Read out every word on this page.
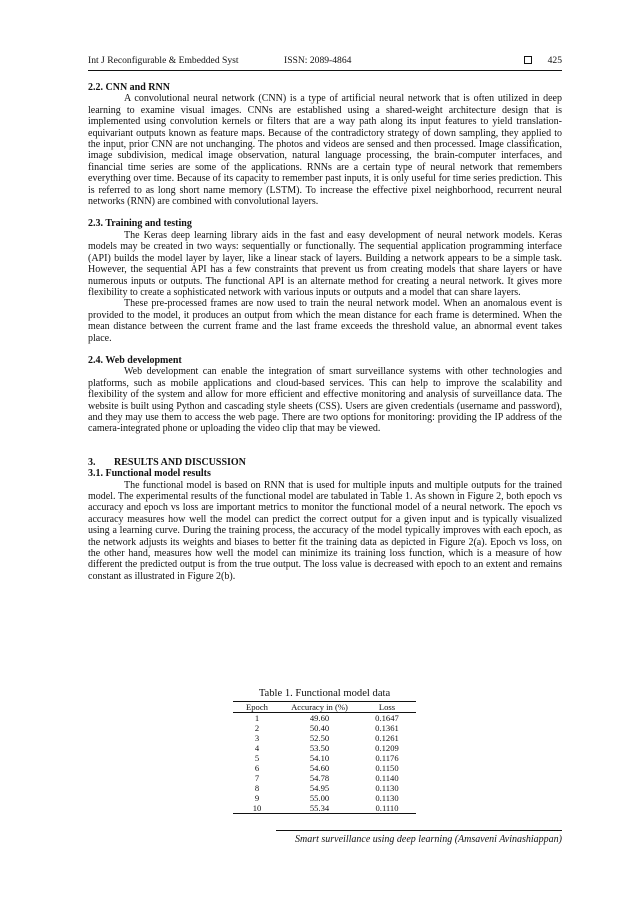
Int J Reconfigurable & Embedded Syst	ISSN: 2089-4864	425

2.2. CNN and RNN

A convolutional neural network (CNN) is a type of artificial neural network that is often utilized in deep learning to examine visual images. CNNs are established using a shared-weight architecture design that is implemented using convolution kernels or filters that are a way path along its input features to yield translation-equivariant outputs known as feature maps. Because of the contradictory strategy of down sampling, they applied to the input, prior CNN are not unchanging. The photos and videos are sensed and then processed. Image classification, image subdivision, medical image observation, natural language processing, the brain-computer interfaces, and financial time series are some of the applications. RNNs are a certain type of neural network that remembers everything over time. Because of its capacity to remember past inputs, it is only useful for time series prediction. This is referred to as long short name memory (LSTM). To increase the effective pixel neighborhood, recurrent neural networks (RNN) are combined with convolutional layers.

2.3. Training and testing

The Keras deep learning library aids in the fast and easy development of neural network models. Keras models may be created in two ways: sequentially or functionally. The sequential application programming interface (API) builds the model layer by layer, like a linear stack of layers. Building a network appears to be a simple task. However, the sequential API has a few constraints that prevent us from creating models that share layers or have numerous inputs or outputs. The functional API is an alternate method for creating a neural network. It gives more flexibility to create a sophisticated network with various inputs or outputs and a model that can share layers.

These pre-processed frames are now used to train the neural network model. When an anomalous event is provided to the model, it produces an output from which the mean distance for each frame is determined. When the mean distance between the current frame and the last frame exceeds the threshold value, an abnormal event takes place.

2.4. Web development

Web development can enable the integration of smart surveillance systems with other technologies and platforms, such as mobile applications and cloud-based services. This can help to improve the scalability and flexibility of the system and allow for more efficient and effective monitoring and analysis of surveillance data. The website is built using Python and cascading style sheets (CSS). Users are given credentials (username and password), and they may use them to access the web page. There are two options for monitoring: providing the IP address of the camera-integrated phone or uploading the video clip that may be viewed.

3. RESULTS AND DISCUSSION

3.1. Functional model results

The functional model is based on RNN that is used for multiple inputs and multiple outputs for the trained model. The experimental results of the functional model are tabulated in Table 1. As shown in Figure 2, both epoch vs accuracy and epoch vs loss are important metrics to monitor the functional model of a neural network. The epoch vs accuracy measures how well the model can predict the correct output for a given input and is typically visualized using a learning curve. During the training process, the accuracy of the model typically improves with each epoch, as the network adjusts its weights and biases to better fit the training data as depicted in Figure 2(a). Epoch vs loss, on the other hand, measures how well the model can minimize its training loss function, which is a measure of how different the predicted output is from the true output. The loss value is decreased with epoch to an extent and remains constant as illustrated in Figure 2(b).

Table 1. Functional model data

Epoch	Accuracy in (%)	Loss
1	49.60	0.1647
2	50.40	0.1361
3	52.50	0.1261
4	53.50	0.1209
5	54.10	0.1176
6	54.60	0.1150
7	54.78	0.1140
8	54.95	0.1130
9	55.00	0.1130
10	55.34	0.1110
Smart surveillance using deep learning (Amsaveni Avinashiappan)
